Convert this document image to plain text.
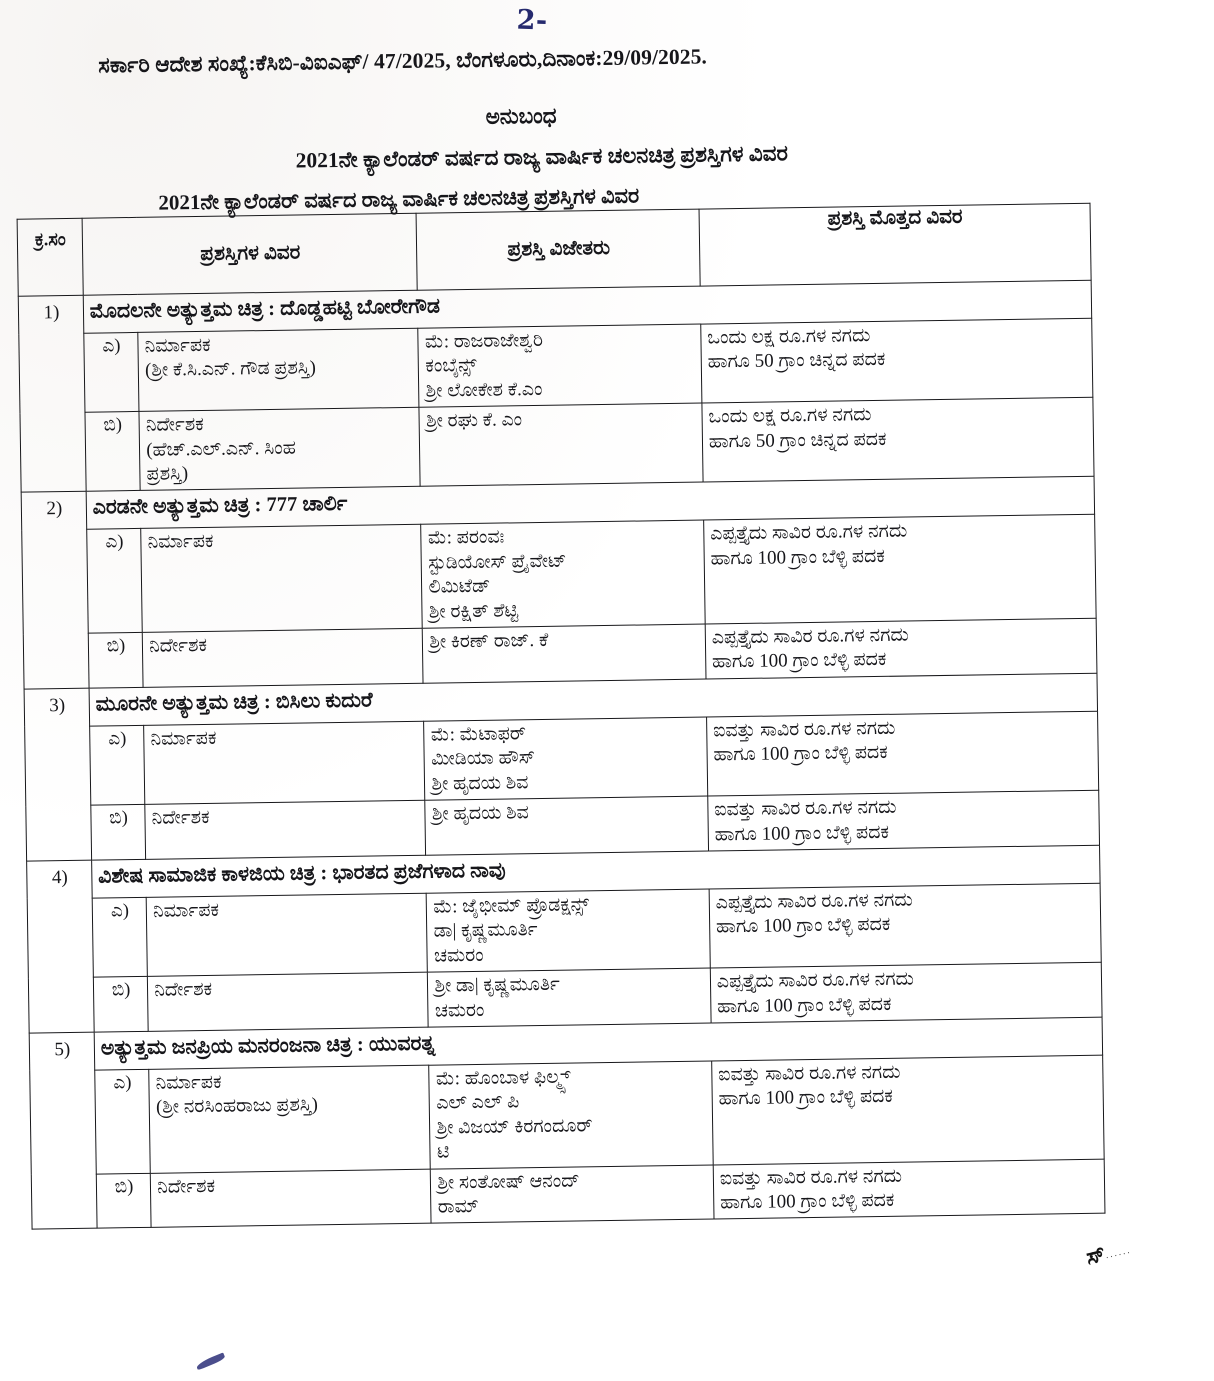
2-
ಸರ್ಕಾರಿ ಆದೇಶ ಸಂಖ್ಯೆ:ಕೆಸಿಬಿ-ವಿಐಎಫ್/ 47/2025, ಬೆಂಗಳೂರು,ದಿನಾಂಕ:29/09/2025.
ಅನುಬಂಧ
2021ನೇ ಕ್ಯಾಲೆಂಡರ್ ವರ್ಷದ ರಾಜ್ಯ ವಾರ್ಷಿಕ ಚಲನಚಿತ್ರ ಪ್ರಶಸ್ತಿಗಳ ವಿವರ
2021ನೇ ಕ್ಯಾಲೆಂಡರ್ ವರ್ಷದ ರಾಜ್ಯ ವಾರ್ಷಿಕ ಚಲನಚಿತ್ರ ಪ್ರಶಸ್ತಿಗಳ ವಿವರ
ಕ್ರ.ಸಂ	ಪ್ರಶಸ್ತಿಗಳ ವಿವರ		ಪ್ರಶಸ್ತಿ ವಿಜೇತರು	ಪ್ರಶಸ್ತಿ ಮೊತ್ತದ ವಿವರ
1)	ಮೊದಲನೇ ಅತ್ಯುತ್ತಮ ಚಿತ್ರ : ದೊಡ್ಡಹಟ್ಟಿ ಬೋರೇಗೌಡ			
	ಎ)	ನಿರ್ಮಾಪಕ
(ಶ್ರೀ ಕೆ.ಸಿ.ಎನ್. ಗೌಡ ಪ್ರಶಸ್ತಿ)	ಮೆ: ರಾಜರಾಜೇಶ್ವರಿ
ಕಂಬೈನ್ಸ್
ಶ್ರೀ ಲೋಕೇಶ ಕೆ.ಎಂ	ಒಂದು ಲಕ್ಷ ರೂ.ಗಳ ನಗದು
ಹಾಗೂ 50 ಗ್ರಾಂ ಚಿನ್ನದ ಪದಕ

	ಬಿ)	ನಿರ್ದೇಶಕ
(ಹೆಚ್.ಎಲ್.ಎನ್. ಸಿಂಹ
ಪ್ರಶಸ್ತಿ)	ಶ್ರೀ ರಘು ಕೆ. ಎಂ	ಒಂದು ಲಕ್ಷ ರೂ.ಗಳ ನಗದು
ಹಾಗೂ 50 ಗ್ರಾಂ ಚಿನ್ನದ ಪದಕ

2)	ಎರಡನೇ ಅತ್ಯುತ್ತಮ ಚಿತ್ರ : 777 ಚಾರ್ಲಿ			
	ಎ)	ನಿರ್ಮಾಪಕ	ಮೆ: ಪರಂವಃ
ಸ್ಟುಡಿಯೋಸ್ ಪ್ರೈವೇಟ್
ಲಿಮಿಟೆಡ್
ಶ್ರೀ ರಕ್ಷಿತ್ ಶೆಟ್ಟಿ	ಎಪ್ಪತ್ತೈದು ಸಾವಿರ ರೂ.ಗಳ ನಗದು
ಹಾಗೂ 100 ಗ್ರಾಂ ಬೆಳ್ಳಿ ಪದಕ

	ಬಿ)	ನಿರ್ದೇಶಕ	ಶ್ರೀ ಕಿರಣ್ ರಾಜ್. ಕೆ	ಎಪ್ಪತ್ತೈದು ಸಾವಿರ ರೂ.ಗಳ ನಗದು
ಹಾಗೂ 100 ಗ್ರಾಂ ಬೆಳ್ಳಿ ಪದಕ

3)	ಮೂರನೇ ಅತ್ಯುತ್ತಮ ಚಿತ್ರ : ಬಿಸಿಲು ಕುದುರೆ			
	ಎ)	ನಿರ್ಮಾಪಕ	ಮೆ: ಮೆಟಾಫರ್
ಮೀಡಿಯಾ ಹೌಸ್
ಶ್ರೀ ಹೃದಯ ಶಿವ	ಐವತ್ತು ಸಾವಿರ ರೂ.ಗಳ ನಗದು
ಹಾಗೂ 100 ಗ್ರಾಂ ಬೆಳ್ಳಿ ಪದಕ

	ಬಿ)	ನಿರ್ದೇಶಕ	ಶ್ರೀ ಹೃದಯ ಶಿವ	ಐವತ್ತು ಸಾವಿರ ರೂ.ಗಳ ನಗದು
ಹಾಗೂ 100 ಗ್ರಾಂ ಬೆಳ್ಳಿ ಪದಕ

4)	ವಿಶೇಷ ಸಾಮಾಜಿಕ ಕಾಳಜಿಯ ಚಿತ್ರ : ಭಾರತದ ಪ್ರಜೆಗಳಾದ ನಾವು			
	ಎ)	ನಿರ್ಮಾಪಕ	ಮೆ: ಜೈಭೀಮ್ ಪ್ರೊಡಕ್ಷನ್ಸ್
ಡಾ| ಕೃಷ್ಣಮೂರ್ತಿ
ಚಮರಂ	ಎಪ್ಪತ್ತೈದು ಸಾವಿರ ರೂ.ಗಳ ನಗದು
ಹಾಗೂ 100 ಗ್ರಾಂ ಬೆಳ್ಳಿ ಪದಕ

	ಬಿ)	ನಿರ್ದೇಶಕ	ಶ್ರೀ ಡಾ| ಕೃಷ್ಣಮೂರ್ತಿ
ಚಮರಂ	ಎಪ್ಪತ್ತೈದು ಸಾವಿರ ರೂ.ಗಳ ನಗದು
ಹಾಗೂ 100 ಗ್ರಾಂ ಬೆಳ್ಳಿ ಪದಕ

5)	ಅತ್ಯುತ್ತಮ ಜನಪ್ರಿಯ ಮನರಂಜನಾ ಚಿತ್ರ : ಯುವರತ್ನ			
	ಎ)	ನಿರ್ಮಾಪಕ
(ಶ್ರೀ ನರಸಿಂಹರಾಜು ಪ್ರಶಸ್ತಿ)	ಮೆ: ಹೊಂಬಾಳ ಫಿಲ್ಮ್ಸ್
ಎಲ್ ಎಲ್ ಪಿ
ಶ್ರೀ ವಿಜಯ್ ಕಿರಗಂದೂರ್
ಟಿ	ಐವತ್ತು ಸಾವಿರ ರೂ.ಗಳ ನಗದು
ಹಾಗೂ 100 ಗ್ರಾಂ ಬೆಳ್ಳಿ ಪದಕ

	ಬಿ)	ನಿರ್ದೇಶಕ	ಶ್ರೀ ಸಂತೋಷ್ ಆನಂದ್
ರಾಮ್	ಐವತ್ತು ಸಾವಿರ ರೂ.ಗಳ ನಗದು
ಹಾಗೂ 100 ಗ್ರಾಂ ಬೆಳ್ಳಿ ಪದಕ
ಸ್......
